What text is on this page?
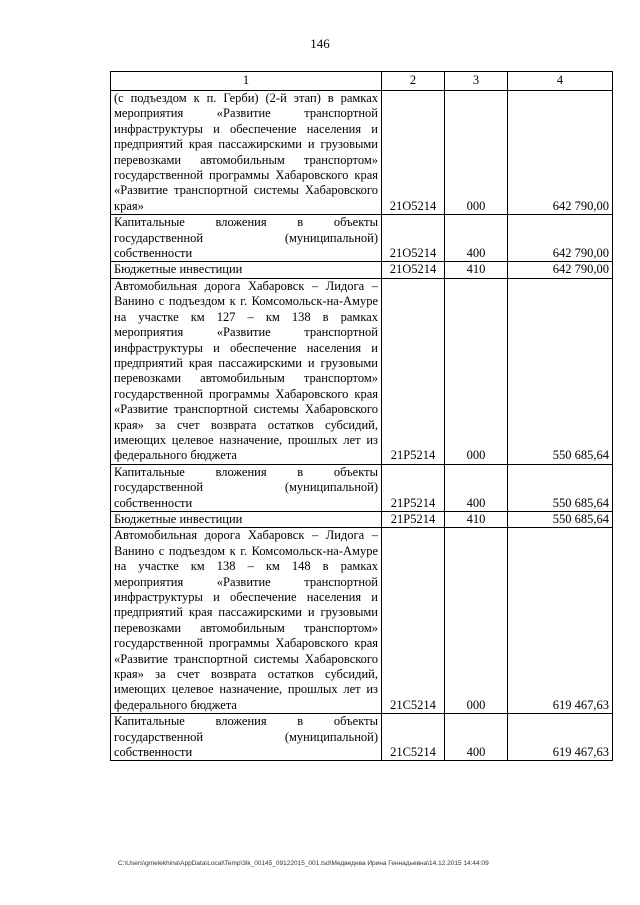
146
1	2	3	4
(с подъездом к п. Герби) (2-й этап) в рамках мероприятия «Развитие транспортной инфраструктуры и обеспечение населения и предприятий края пассажирскими и грузовыми перевозками автомобильным транспортом» государственной программы Хабаровского края «Развитие транспортной системы Хабаровского края»	21О5214	000	642 790,00
Капитальные вложения в объекты государственной (муниципальной) собственности	21О5214	400	642 790,00
Бюджетные инвестиции	21О5214	410	642 790,00
Автомобильная дорога Хабаровск – Лидога – Ванино с подъездом к г. Комсомольск-на-Амуре на участке км 127 – км 138 в рамках мероприятия «Развитие транспортной инфраструктуры и обеспечение населения и предприятий края пассажирскими и грузовыми перевозками автомобильным транспортом» государственной программы Хабаровского края «Развитие транспортной системы Хабаровского края» за счет возврата остатков субсидий, имеющих целевое назначение, прошлых лет из федерального бюджета	21Р5214	000	550 685,64
Капитальные вложения в объекты государственной (муниципальной) собственности	21Р5214	400	550 685,64
Бюджетные инвестиции	21Р5214	410	550 685,64
Автомобильная дорога Хабаровск – Лидога – Ванино с подъездом к г. Комсомольск-на-Амуре на участке км 138 – км 148 в рамках мероприятия «Развитие транспортной инфраструктуры и обеспечение населения и предприятий края пассажирскими и грузовыми перевозками автомобильным транспортом» государственной программы Хабаровского края «Развитие транспортной системы Хабаровского края» за счет возврата остатков субсидий, имеющих целевое назначение, прошлых лет из федерального бюджета	21С5214	000	619 467,63
Капитальные вложения в объекты государственной (муниципальной) собственности	21С5214	400	619 467,63
C:\Users\gmelekhina\AppData\Local\Temp\3lk_00145_09122015_001.tsd\Медведева Ирина Геннадьевна\14.12.2015 14:44:09
